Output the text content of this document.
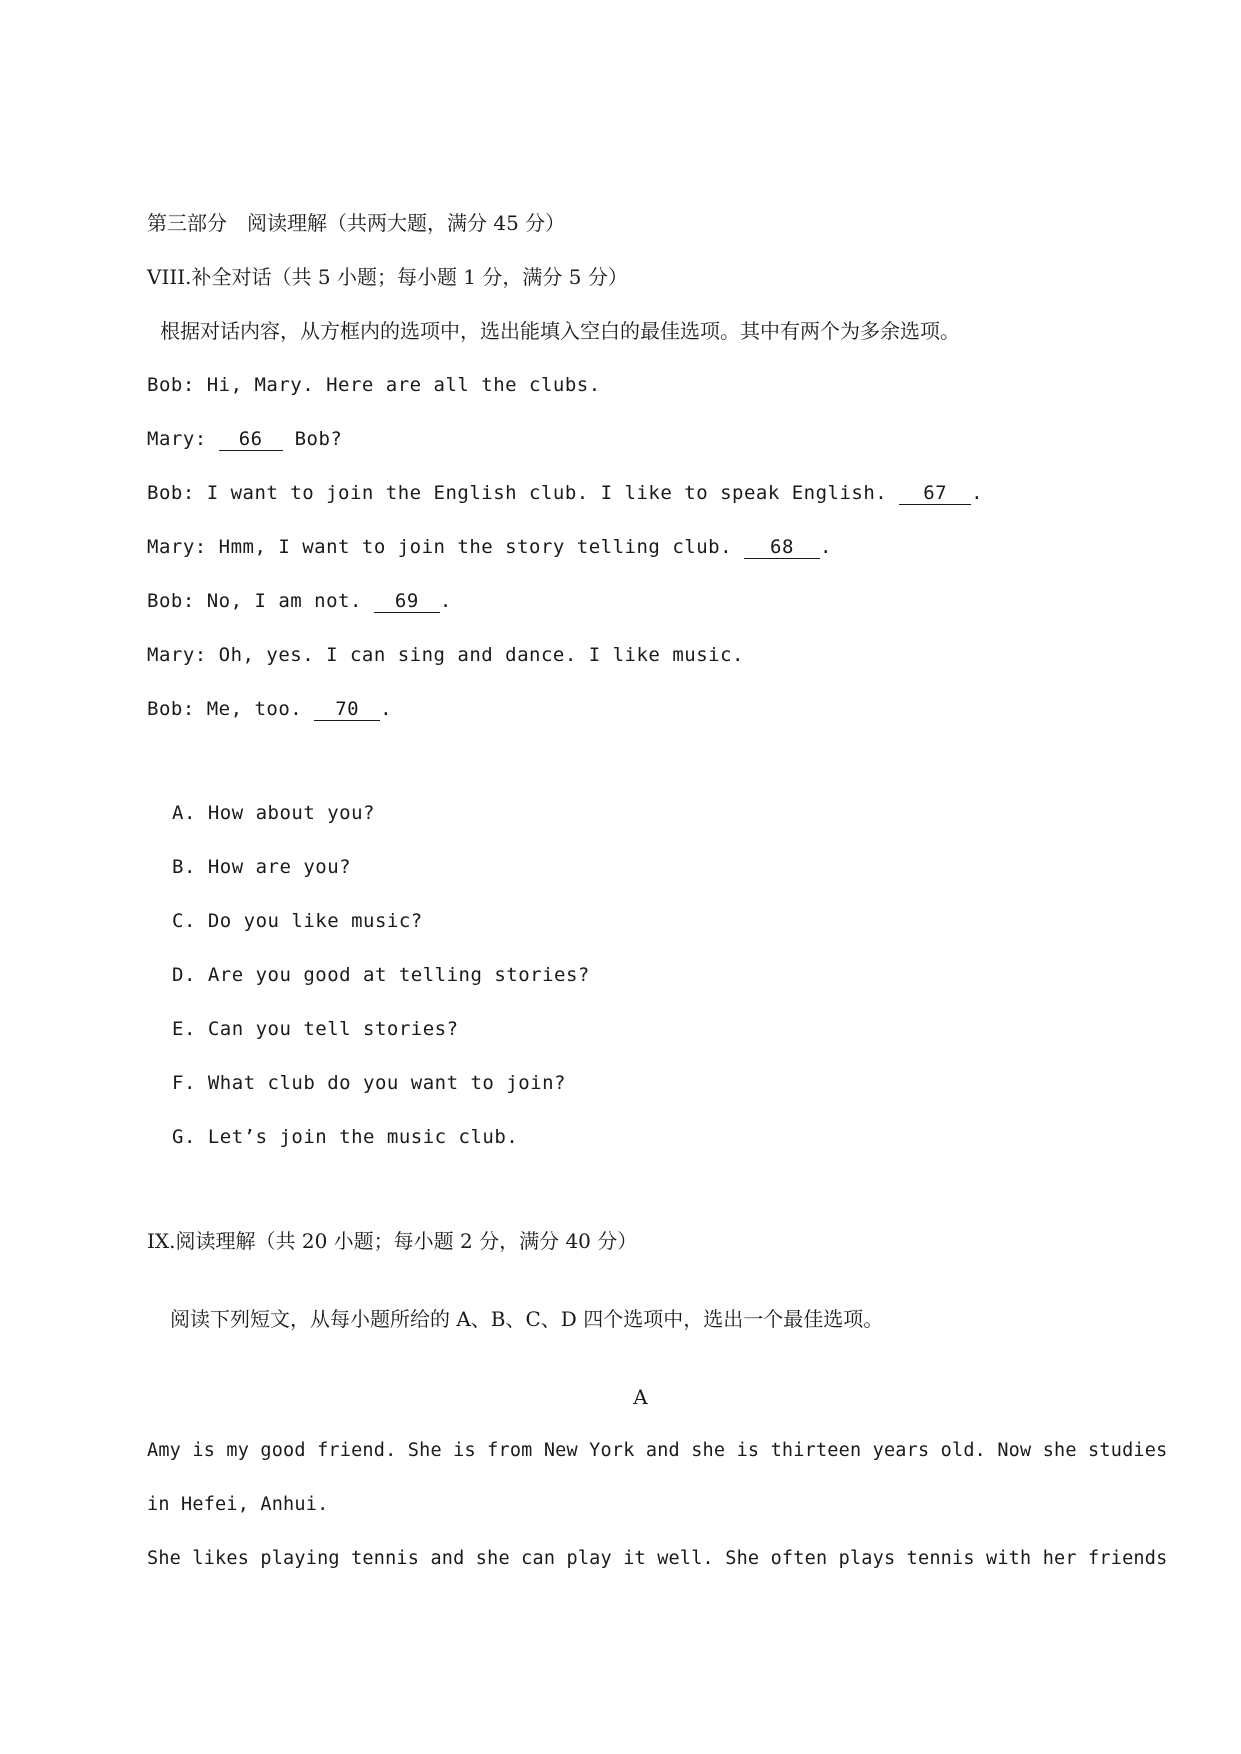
第三部分　阅读理解（共两大题，满分 45 分）
VIII.补全对话（共 5 小题；每小题 1 分，满分 5 分）
根据对话内容，从方框内的选项中，选出能填入空白的最佳选项。其中有两个为多余选项。
Bob: Hi, Mary. Here are all the clubs.
Mary: 66 Bob?
Bob: I want to join the English club. I like to speak English. 67 .
Mary: Hmm, I want to join the story telling club. 68 .
Bob: No, I am not. 69 .
Mary: Oh, yes. I can sing and dance. I like music.
Bob: Me, too. 70 .
A. How about you?
B. How are you?
C. Do you like music?
D. Are you good at telling stories?
E. Can you tell stories?
F. What club do you want to join?
G. Let’s join the music club.
IX.阅读理解（共 20 小题；每小题 2 分，满分 40 分）
阅读下列短文，从每小题所给的 A、B、C、D 四个选项中，选出一个最佳选项。
A
Amy is my good friend. She is from New York and she is thirteen years old. Now she studies
in Hefei, Anhui.
She likes playing tennis and she can play it well. She often plays tennis with her friends
